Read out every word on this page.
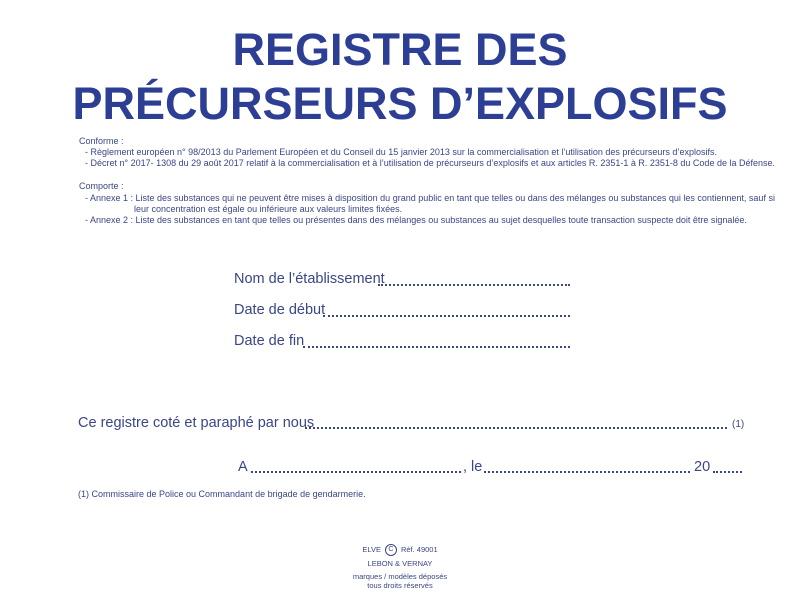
REGISTRE DES
PRÉCURSEURS D’EXPLOSIFS
Conforme :
- Règlement européen n° 98/2013 du Parlement Européen et du Conseil du 15 janvier 2013 sur la commercialisation et l’utilisation des précurseurs d’explosifs.
- Décret n° 2017- 1308 du 29 août 2017 relatif à la commercialisation et à l’utilisation de précurseurs d’explosifs et aux articles R. 2351-1 à R. 2351-8 du Code de la Défense.
Comporte :
- Annexe 1 : Liste des substances qui ne peuvent être mises à disposition du grand public en tant que telles ou dans des mélanges ou substances qui les contiennent, sauf si
leur concentration est égale ou inférieure aux valeurs limites fixées.
- Annexe 2 : Liste des substances en tant que telles ou présentes dans des mélanges ou substances au sujet desquelles toute transaction suspecte doit être signalée.
Nom de l’établissement
Date de début
Date de fin
Ce registre coté et paraphé par nous	(1)
A	, le	20
(1) Commissaire de Police ou Commandant de brigade de gendarmerie.
ELVE C Réf. 49001
LEBON & VERNAY
marques / modèles déposés
tous droits réservés
